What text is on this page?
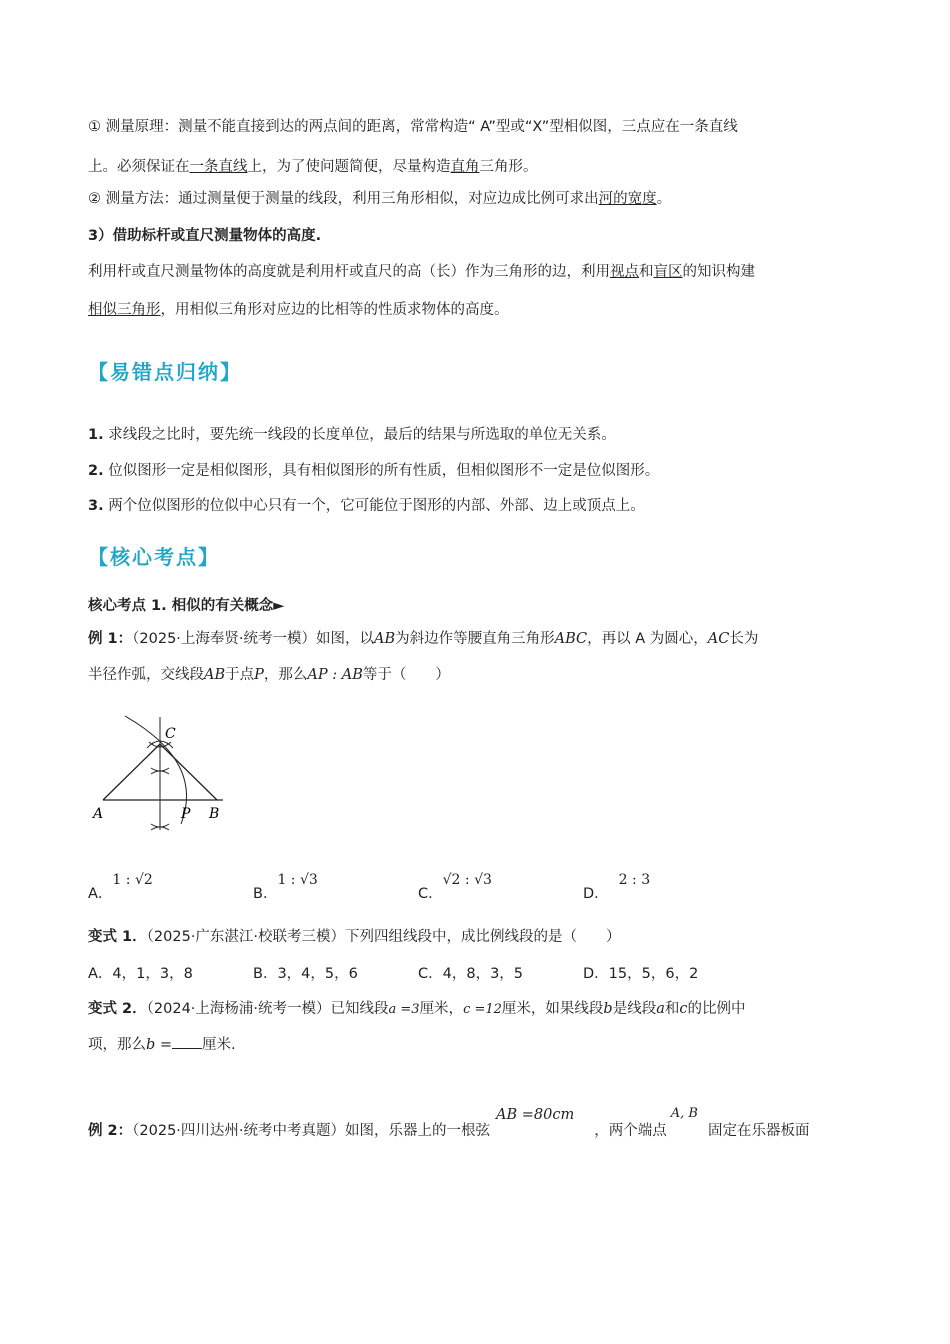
① 测量原理：测量不能直接到达的两点间的距离，常常构造“ A”型或“X”型相似图，三点应在一条直线
上。必须保证在一条直线上，为了使问题简便，尽量构造直角三角形。
② 测量方法：通过测量便于测量的线段，利用三角形相似，对应边成比例可求出河的宽度。
3）借助标杆或直尺测量物体的高度.
利用杆或直尺测量物体的高度就是利用杆或直尺的高（长）作为三角形的边，利用视点和盲区的知识构建
相似三角形，用相似三角形对应边的比相等的性质求物体的高度。
【易错点归纳】
1. 求线段之比时，要先统一线段的长度单位，最后的结果与所选取的单位无关系。
2. 位似图形一定是相似图形，具有相似图形的所有性质，但相似图形不一定是位似图形。
3. 两个位似图形的位似中心只有一个，它可能位于图形的内部、外部、边上或顶点上。
【核心考点】
核心考点 1. 相似的有关概念►
例 1：（2025·上海奉贤·统考一模）如图，以AB为斜边作等腰直角三角形ABC，再以 A 为圆心，AC长为
半径作弧，交线段AB于点P，那么AP : AB等于（　　）
A	B
C
P
A．1 : √2
B．1 : √3
C．√2 : √3
D．2 : 3
变式 1．（2025·广东湛江·校联考三模）下列四组线段中，成比例线段的是（　　）
A．4，1，3，8	B．3，4，5，6	C．4，8，3，5	D．15，5，6，2
变式 2．（2024·上海杨浦·统考一模）已知线段a =3厘米，c =12厘米，如果线段b是线段a和c的比例中
项，那么b = 厘米.
例 2：（2025·四川达州·统考中考真题）如图，乐器上的一根弦AB =80cm，两个端点A, B固定在乐器板面
